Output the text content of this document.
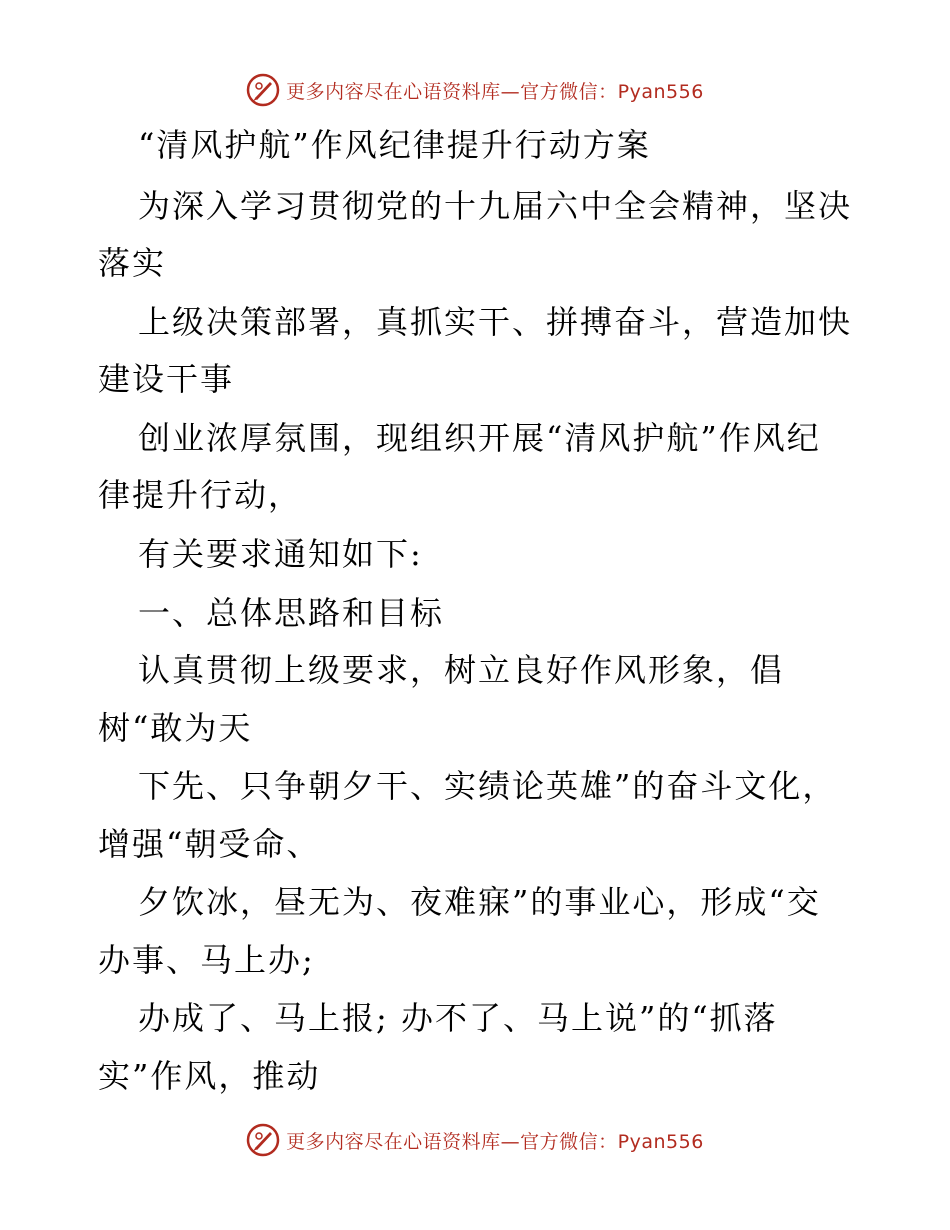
更多内容尽在心语资料库—官方微信：Pyan556
“清风护航”作风纪律提升行动方案
为深入学习贯彻党的十九届六中全会精神，坚决
落实
上级决策部署，真抓实干、拼搏奋斗，营造加快
建设干事
创业浓厚氛围，现组织开展“清风护航”作风纪
律提升行动，
有关要求通知如下:
一、总体思路和目标
认真贯彻上级要求，树立良好作风形象，倡
树“敢为天
下先、只争朝夕干、实绩论英雄”的奋斗文化，
增强“朝受命、
夕饮冰，昼无为、夜难寐”的事业心，形成“交
办事、马上办;
办成了、马上报; 办不了、马上说”的“抓落
实”作风，推动
更多内容尽在心语资料库—官方微信：Pyan556
